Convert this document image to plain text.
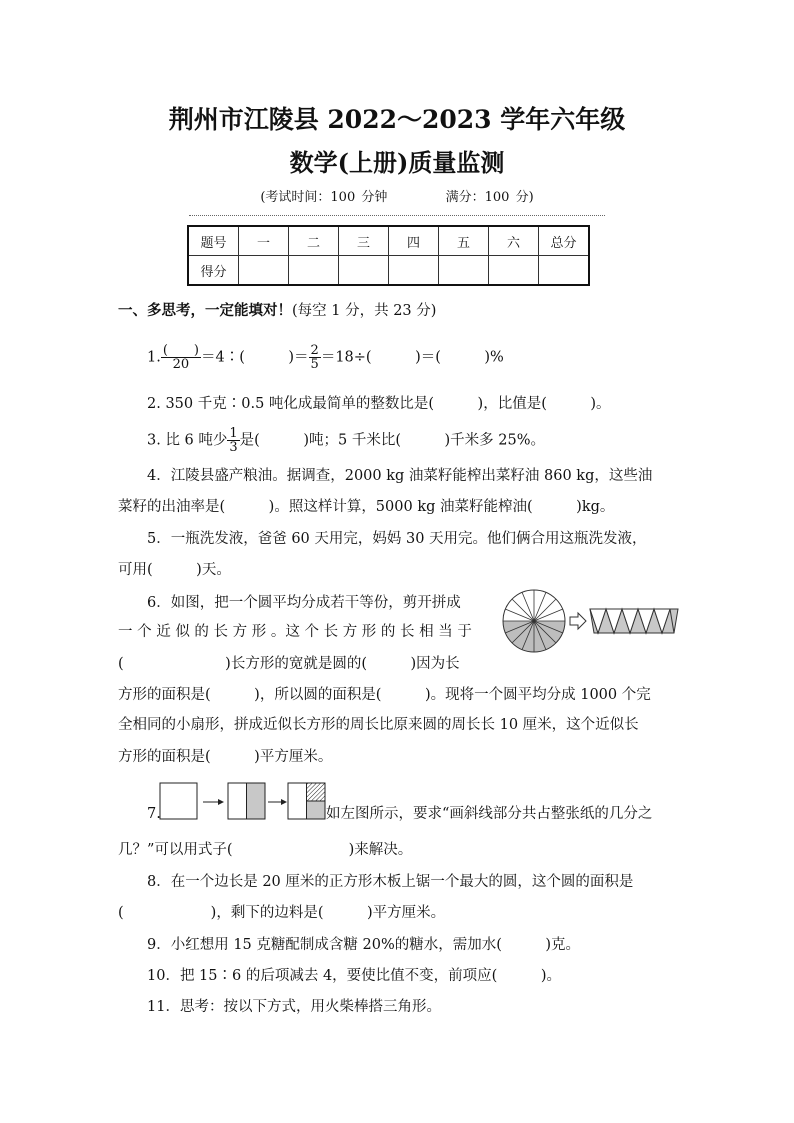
荆州市江陵县 2022～2023 学年六年级
数学(上册)质量监测
(考试时间：100 分钟	满分：100 分)
题号	一	二	三	四	五	六	总分
得分							
一、多思考，一定能填对！(每空 1 分，共 23 分)
1. $\frac{( )}{20}$ ＝4∶(　　　)＝ $\frac{2}{5} =18\div$(　　　)＝(　　　)%
2. 350 千克∶0.5 吨化成最简单的整数比是(　　　)，比值是(　　　)。
3. 比 6 吨少 $\frac{1}{3}$ 是(　　　)吨；5 千米比(　　　)千米多 25%。
4．江陵县盛产粮油。据调查，2000 kg 油菜籽能榨出菜籽油 860 kg，这些油
菜籽的出油率是(　　　)。照这样计算，5000 kg 油菜籽能榨油(　　　)kg。
5．一瓶洗发液，爸爸 60 天用完，妈妈 30 天用完。他们俩合用这瓶洗发液，
可用(　　　)天。
6．如图，把一个圆平均分成若干等份，剪开拼成
一 个 近 似 的 长 方 形 。这 个 长 方 形 的 长 相 当 于
(　　　　　　　)长方形的宽就是圆的(　　　)因为长
方形的面积是(　　　)，所以圆的面积是(　　　)。现将一个圆平均分成 1000 个完
全相同的小扇形，拼成近似长方形的周长比原来圆的周长长 10 厘米，这个近似长
方形的面积是(　　　)平方厘米。
7.	如左图所示，要求“画斜线部分共占整张纸的几分之
几？”可以用式子(　　　　　　　　)来解决。
8．在一个边长是 20 厘米的正方形木板上锯一个最大的圆，这个圆的面积是
(　　　　　　)，剩下的边料是(　　　)平方厘米。
9．小红想用 15 克糖配制成含糖 20%的糖水，需加水(　　　)克。
10．把 15∶6 的后项减去 4，要使比值不变，前项应(　　　)。
11．思考：按以下方式，用火柴棒搭三角形。
